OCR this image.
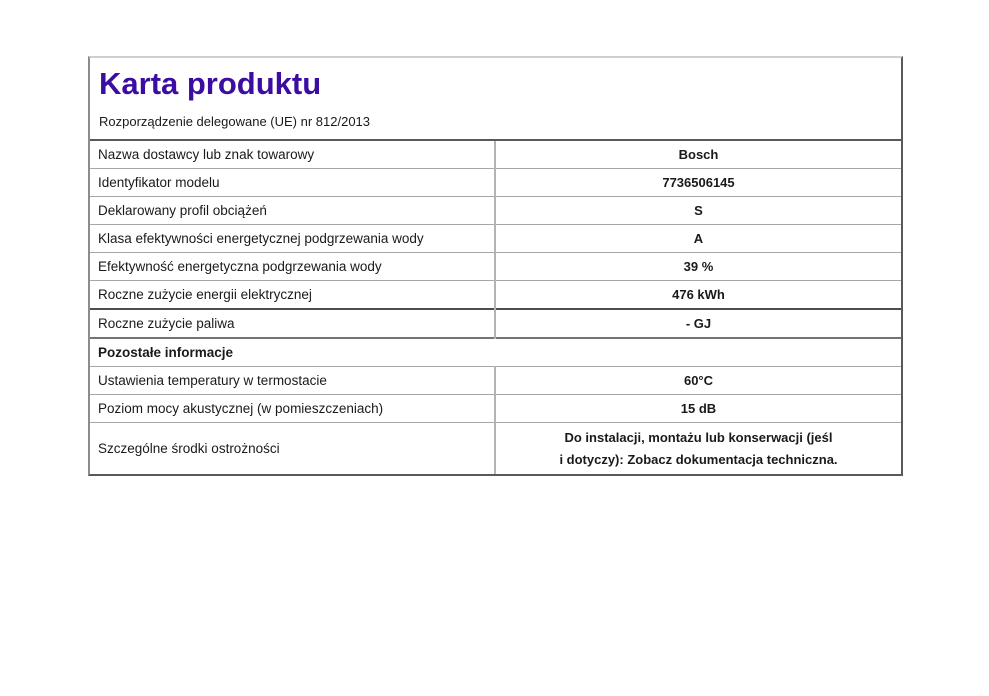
Karta produktu

Rozporządzenie delegowane (UE) nr 812/2013

Nazwa dostawcy lub znak towarowy	Bosch
Identyfikator modelu	7736506145
Deklarowany profil obciążeń	S
Klasa efektywności energetycznej podgrzewania wody	A
Efektywność energetyczna podgrzewania wody	39 %
Roczne zużycie energii elektrycznej	476 kWh
Roczne zużycie paliwa	- GJ
Pozostałe informacje	
Ustawienia temperatury w termostacie	60°C
Poziom mocy akustycznej (w pomieszczeniach)	15 dB
Szczególne środki ostrożności	Do instalacji, montażu lub konserwacji (jeśl
i dotyczy): Zobacz dokumentacja techniczna.
